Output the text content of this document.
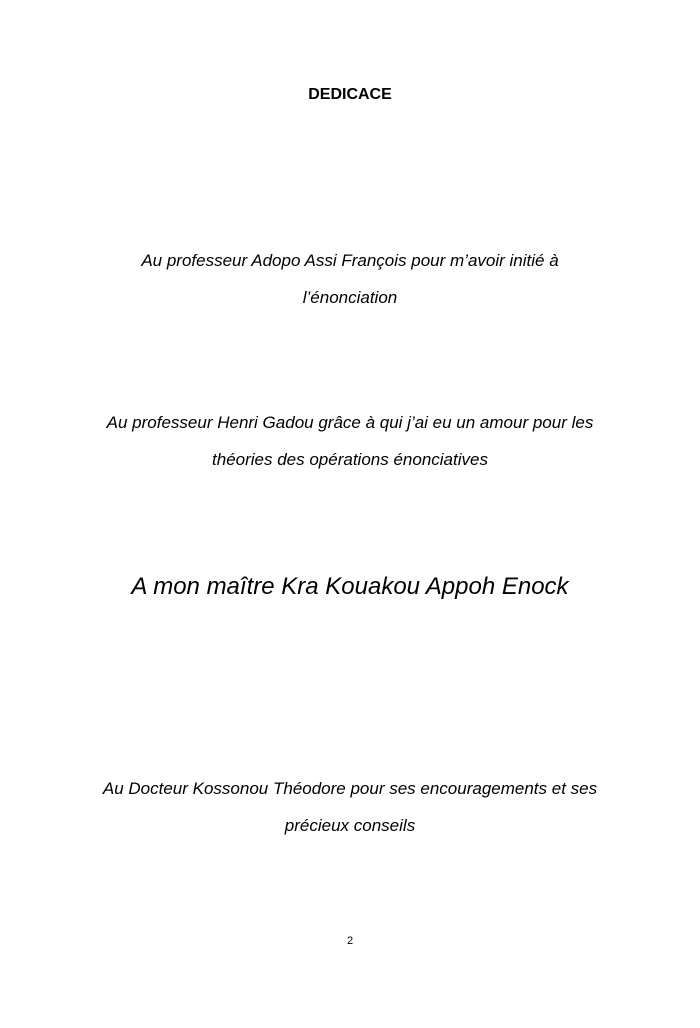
DEDICACE
Au professeur Adopo Assi François pour m’avoir initié à
l’énonciation
Au professeur Henri Gadou grâce à qui j’ai eu un amour pour les
théories des opérations énonciatives
A mon maître Kra Kouakou Appoh Enock
Au Docteur Kossonou Théodore pour ses encouragements et ses
précieux conseils
2
